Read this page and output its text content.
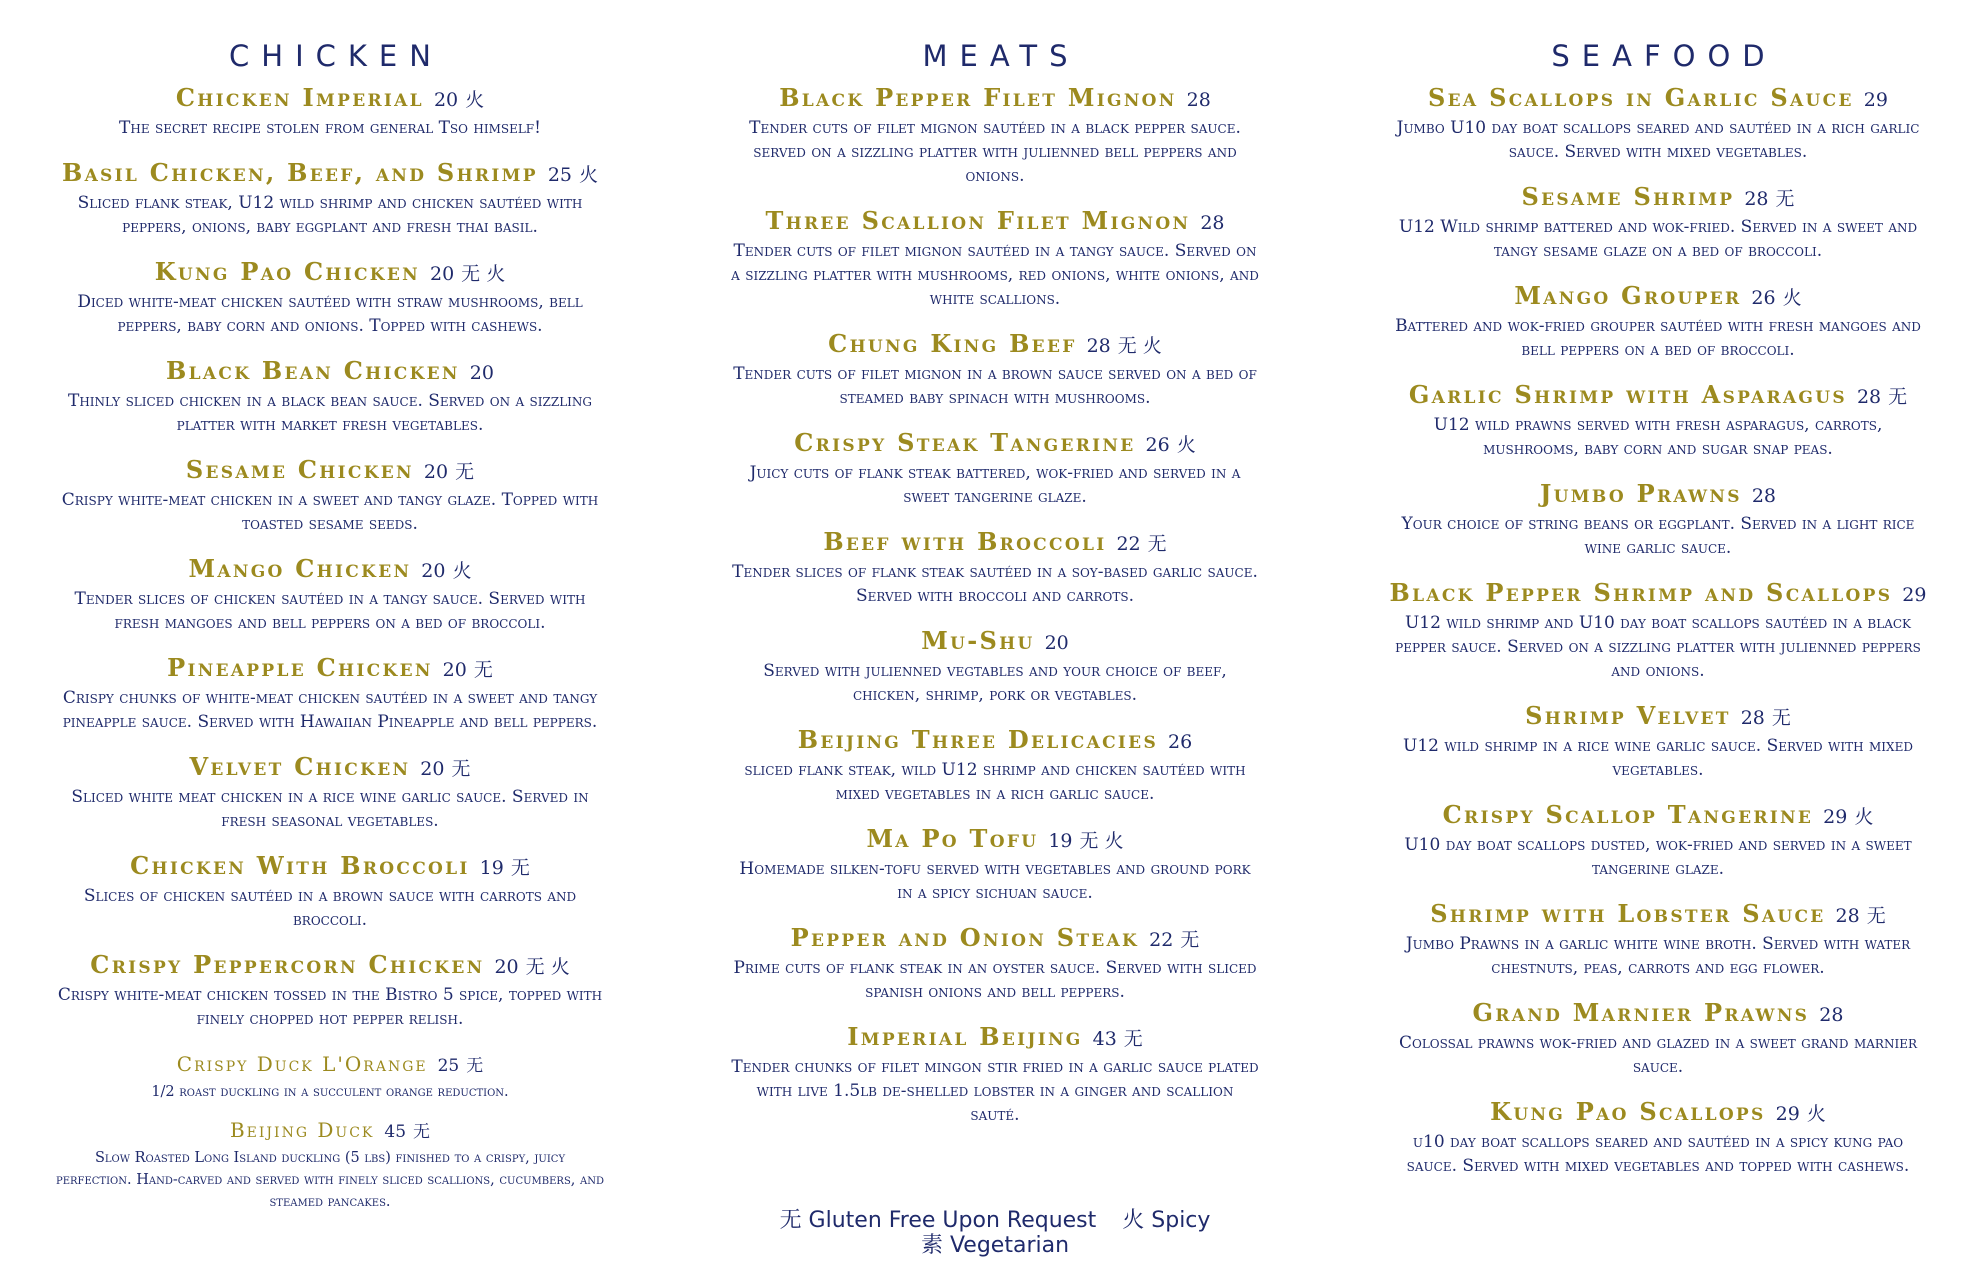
CHICKEN
Chicken Imperial 20 火
The secret recipe stolen from general Tso himself!
Basil Chicken, Beef, and Shrimp 25 火
Sliced flank steak, U12 wild shrimp and chicken sautéed with peppers, onions, baby eggplant and fresh thai basil.
Kung Pao Chicken 20 无 火
Diced white-meat chicken sautéed with straw mushrooms, bell peppers, baby corn and onions. Topped with cashews.
Black Bean Chicken 20
Thinly sliced chicken in a black bean sauce. Served on a sizzling platter with market fresh vegetables.
Sesame Chicken 20 无
Crispy white-meat chicken in a sweet and tangy glaze. Topped with toasted sesame seeds.
Mango Chicken 20 火
Tender slices of chicken sautéed in a tangy sauce. Served with fresh mangoes and bell peppers on a bed of broccoli.
Pineapple Chicken 20 无
Crispy chunks of white-meat chicken sautéed in a sweet and tangy pineapple sauce. Served with Hawaiian Pineapple and bell peppers.
Velvet Chicken 20 无
Sliced white meat chicken in a rice wine garlic sauce. Served in fresh seasonal vegetables.
Chicken With Broccoli 19 无
Slices of chicken sautéed in a brown sauce with carrots and broccoli.
Crispy Peppercorn Chicken 20 无 火
Crispy white-meat chicken tossed in the Bistro 5 spice, topped with finely chopped hot pepper relish.
Crispy Duck L'Orange 25 无
1/2 roast duckling in a succulent orange reduction.
Beijing Duck 45 无
Slow Roasted Long Island duckling (5 lbs) finished to a crispy, juicy perfection. Hand-carved and served with finely sliced scallions, cucumbers, and steamed pancakes.
MEATS
Black Pepper Filet Mignon 28
Tender cuts of filet mignon sautéed in a black pepper sauce. served on a sizzling platter with julienned bell peppers and onions.
Three Scallion Filet Mignon 28
Tender cuts of filet mignon sautéed in a tangy sauce. Served on a sizzling platter with mushrooms, red onions, white onions, and white scallions.
Chung King Beef 28 无 火
Tender cuts of filet mignon in a brown sauce served on a bed of steamed baby spinach with mushrooms.
Crispy Steak Tangerine 26 火
Juicy cuts of flank steak battered, wok-fried and served in a sweet tangerine glaze.
Beef with Broccoli 22 无
Tender slices of flank steak sautéed in a soy-based garlic sauce. Served with broccoli and carrots.
Mu-Shu 20
Served with julienned vegtables and your choice of beef, chicken, shrimp, pork or vegtables.
Beijing Three Delicacies 26
sliced flank steak, wild U12 shrimp and chicken sautéed with mixed vegetables in a rich garlic sauce.
Ma Po Tofu 19 无 火
Homemade silken-tofu served with vegetables and ground pork in a spicy sichuan sauce.
Pepper and Onion Steak 22 无
Prime cuts of flank steak in an oyster sauce. Served with sliced spanish onions and bell peppers.
Imperial Beijing 43 无
Tender chunks of filet mingon stir fried in a garlic sauce plated with live 1.5lb de-shelled lobster in a ginger and scallion sauté.
SEAFOOD
Sea Scallops in Garlic Sauce 29
Jumbo U10 day boat scallops seared and sautéed in a rich garlic sauce. Served with mixed vegetables.
Sesame Shrimp 28 无
U12 Wild shrimp battered and wok-fried. Served in a sweet and tangy sesame glaze on a bed of broccoli.
Mango Grouper 26 火
Battered and wok-fried grouper sautéed with fresh mangoes and bell peppers on a bed of broccoli.
Garlic Shrimp with Asparagus 28 无
U12 wild prawns served with fresh asparagus, carrots, mushrooms, baby corn and sugar snap peas.
Jumbo Prawns 28
Your choice of string beans or eggplant. Served in a light rice wine garlic sauce.
Black Pepper Shrimp and Scallops 29
U12 wild shrimp and U10 day boat scallops sautéed in a black pepper sauce. Served on a sizzling platter with julienned peppers and onions.
Shrimp Velvet 28 无
U12 wild shrimp in a rice wine garlic sauce. Served with mixed vegetables.
Crispy Scallop Tangerine 29 火
U10 day boat scallops dusted, wok-fried and served in a sweet tangerine glaze.
Shrimp with Lobster Sauce 28 无
Jumbo Prawns in a garlic white wine broth. Served with water chestnuts, peas, carrots and egg flower.
Grand Marnier Prawns 28
Colossal prawns wok-fried and glazed in a sweet grand marnier sauce.
Kung Pao Scallops 29 火
u10 day boat scallops seared and sautéed in a spicy kung pao sauce. Served with mixed vegetables and topped with cashews.
无 Gluten Free Upon Request 火 Spicy
素 Vegetarian
